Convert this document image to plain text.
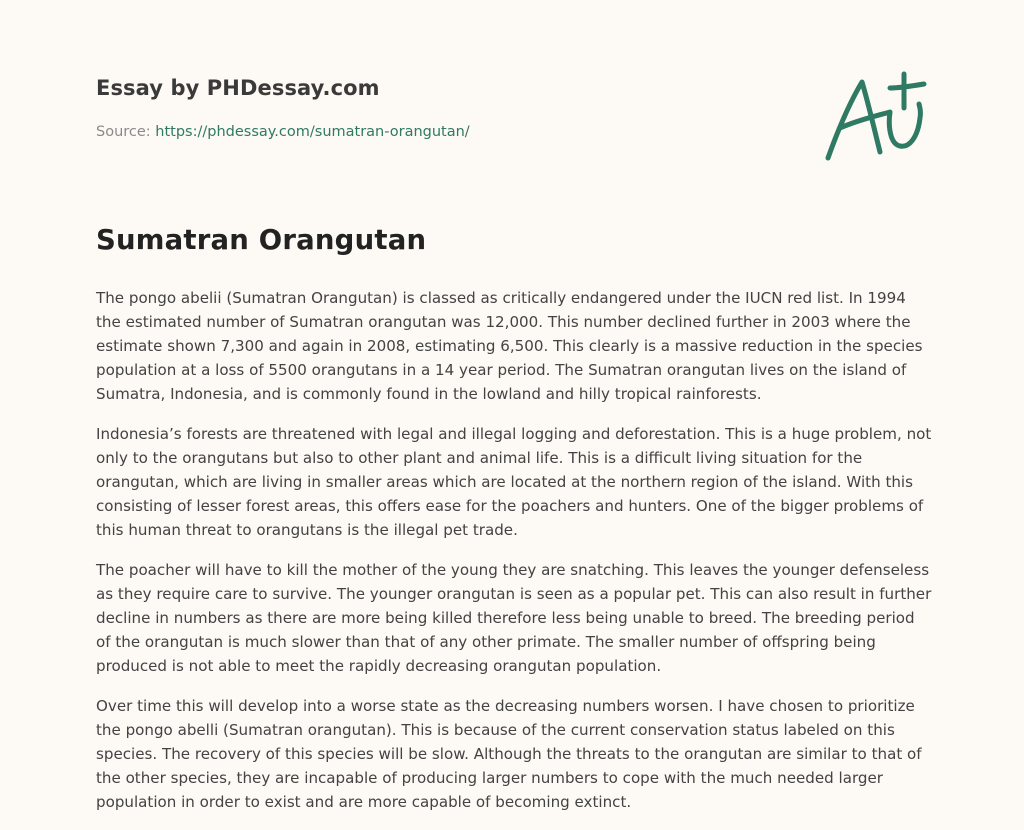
Essay by PHDessay.com
Source: https://phdessay.com/sumatran-orangutan/
Sumatran Orangutan

The pongo abelii (Sumatran Orangutan) is classed as critically endangered under the IUCN red list. In 1994 the estimated number of Sumatran orangutan was 12,000. This number declined further in 2003 where the estimate shown 7,300 and again in 2008, estimating 6,500. This clearly is a massive reduction in the species population at a loss of 5500 orangutans in a 14 year period. The Sumatran orangutan lives on the island of Sumatra, Indonesia, and is commonly found in the lowland and hilly tropical rainforests.

Indonesia’s forests are threatened with legal and illegal logging and deforestation. This is a huge problem, not only to the orangutans but also to other plant and animal life. This is a difficult living situation for the orangutan, which are living in smaller areas which are located at the northern region of the island. With this consisting of lesser forest areas, this offers ease for the poachers and hunters. One of the bigger problems of this human threat to orangutans is the illegal pet trade.

The poacher will have to kill the mother of the young they are snatching. This leaves the younger defenseless as they require care to survive. The younger orangutan is seen as a popular pet. This can also result in further decline in numbers as there are more being killed therefore less being unable to breed. The breeding period of the orangutan is much slower than that of any other primate. The smaller number of offspring being produced is not able to meet the rapidly decreasing orangutan population.

Over time this will develop into a worse state as the decreasing numbers worsen. I have chosen to prioritize the pongo abelli (Sumatran orangutan). This is because of the current conservation status labeled on this species. The recovery of this species will be slow. Although the threats to the orangutan are similar to that of the other species, they are incapable of producing larger numbers to cope with the much needed larger population in order to exist and are more capable of becoming extinct.
